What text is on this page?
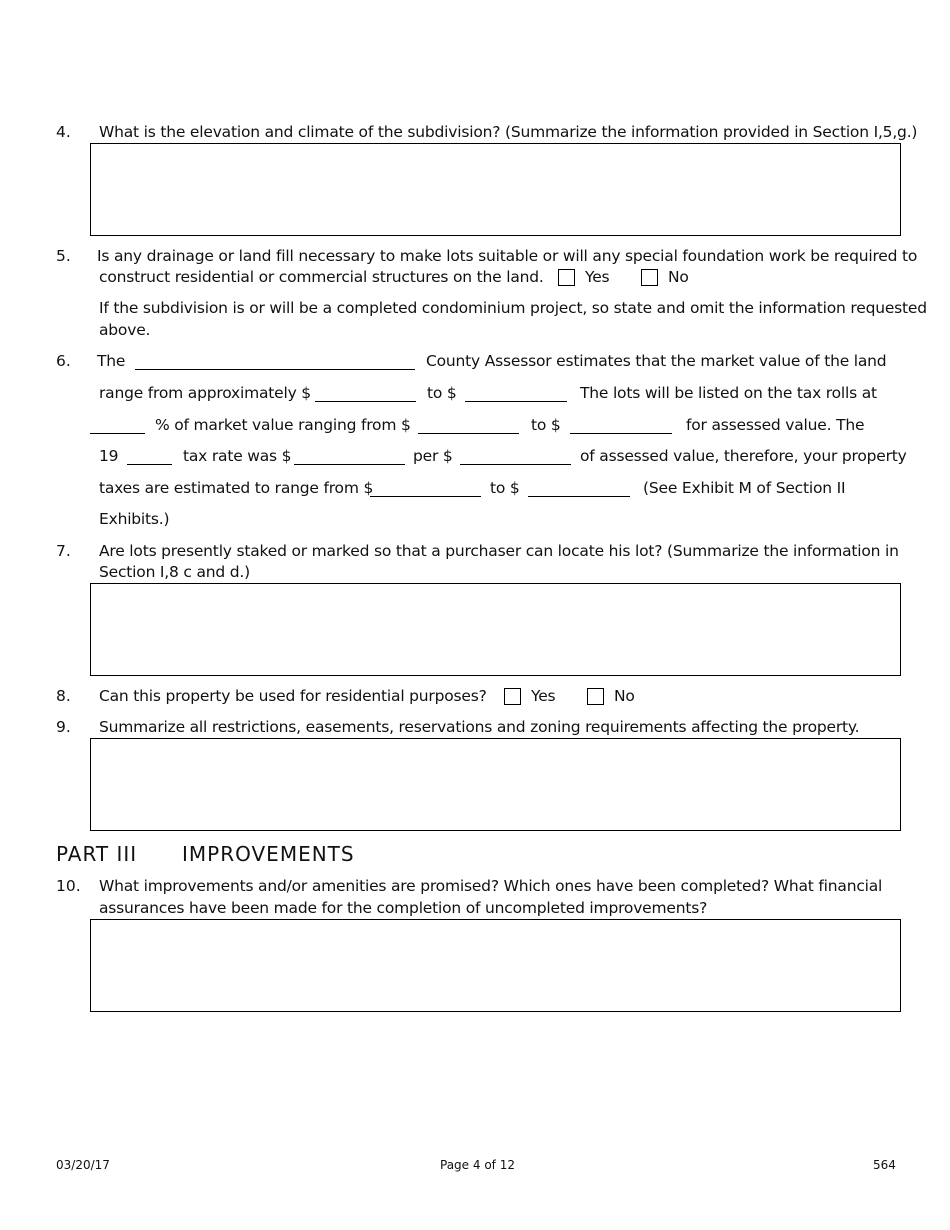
4. What is the elevation and climate of the subdivision? (Summarize the information provided in Section I,5,g.)
5. Is any drainage or land fill necessary to make lots suitable or will any special foundation work be required to
construct residential or commercial structures on the land.	Yes	No
If the subdivision is or will be a completed condominium project, so state and omit the information requested
above.
6. The	County Assessor estimates that the market value of the land
range from approximately $	to $	The lots will be listed on the tax rolls at
% of market value ranging from $	to $	for assessed value. The
19	tax rate was $	per $	of assessed value, therefore, your property
taxes are estimated to range from $	to $	(See Exhibit M of Section II
Exhibits.)
7. Are lots presently staked or marked so that a purchaser can locate his lot? (Summarize the information in
Section I,8 c and d.)
8. Can this property be used for residential purposes?	Yes	No
9. Summarize all restrictions, easements, reservations and zoning requirements affecting the property.
PART III IMPROVEMENTS
10. What improvements and/or amenities are promised? Which ones have been completed? What financial
assurances have been made for the completion of uncompleted improvements?
03/20/17	Page 4 of 12	564
